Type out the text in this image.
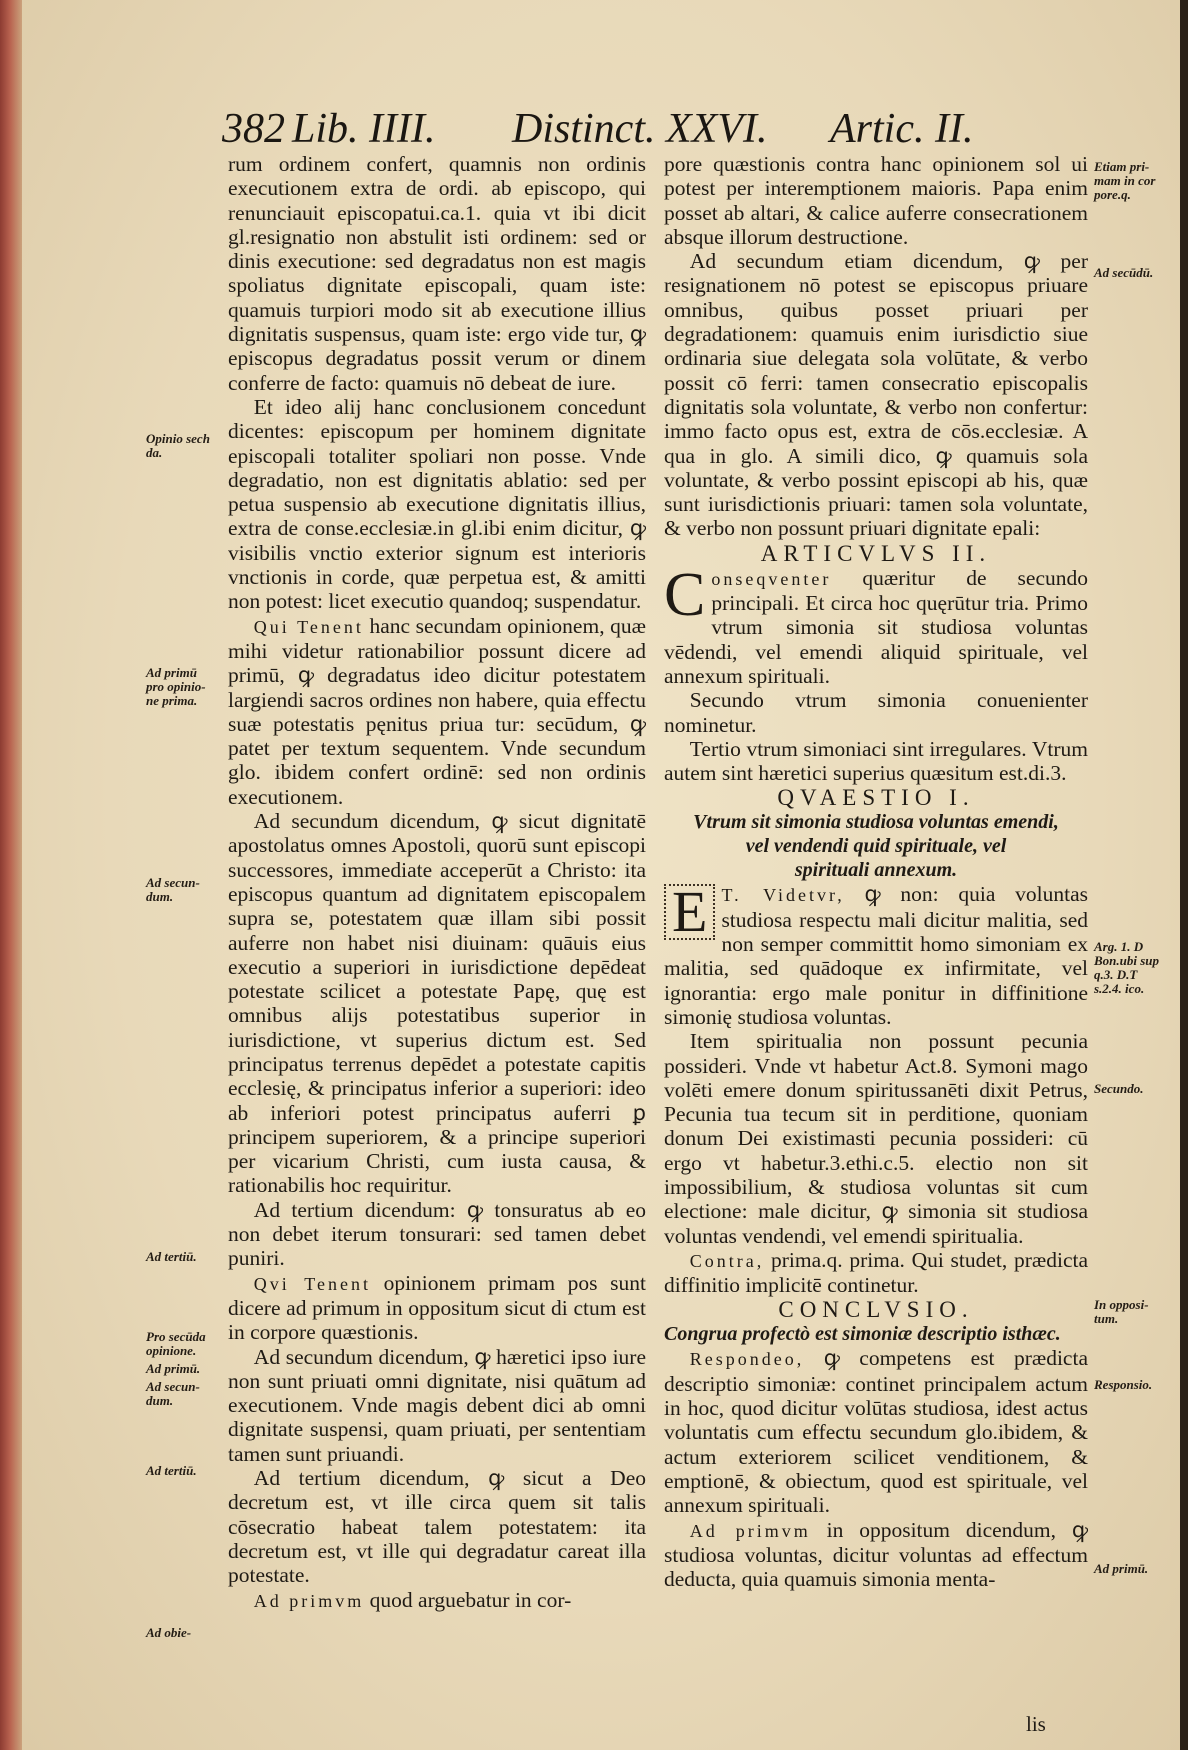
382 Lib. IIII. Distinct. XXVI. Artic. II.

rum ordinem confert, quamnis non ordinis executionem extra de ordi. ab episcopo, qui renunciauit episcopatui.ca.1. quia vt ibi dicit gl.resignatio non abstulit isti ordinem: sed or dinis executione: sed degradatus non est magis spoliatus dignitate episcopali, quam iste: quamuis turpiori modo sit ab executione illius dignitatis suspensus, quam iste: ergo vide tur, ꝙ episcopus degradatus possit verum or dinem conferre de facto: quamuis nō debeat de iure.

Et ideo alij hanc conclusionem concedunt dicentes: episcopum per hominem dignitate episcopali totaliter spoliari non posse. Vnde degradatio, non est dignitatis ablatio: sed per petua suspensio ab executione dignitatis illius, extra de conse.ecclesiæ.in gl.ibi enim dicitur, ꝙ visibilis vnctio exterior signum est interioris vnctionis in corde, quæ perpetua est, & amitti non potest: licet executio quandoq; suspendatur.

Qui Tenent hanc secundam opinionem, quæ mihi videtur rationabilior possunt dicere ad primū, ꝙ degradatus ideo dicitur potestatem largiendi sacros ordines non habere, quia effectu suæ potestatis pęnitus priua tur: secūdum, ꝙ patet per textum sequentem. Vnde secundum glo. ibidem confert ordinē: sed non ordinis executionem.

Ad secundum dicendum, ꝙ sicut dignitatē apostolatus omnes Apostoli, quorū sunt episcopi successores, immediate acceperūt a Christo: ita episcopus quantum ad dignitatem episcopalem supra se, potestatem quæ illam sibi possit auferre non habet nisi diuinam: quāuis eius executio a superiori in iurisdictione depēdeat potestate scilicet a potestate Papę, quę est omnibus alijs potestatibus superior in iurisdictione, vt superius dictum est. Sed principatus terrenus depēdet a potestate capitis ecclesię, & principatus inferior a superiori: ideo ab inferiori potest principatus auferri ꝑ principem superiorem, & a principe superiori per vicarium Christi, cum iusta causa, & rationabilis hoc requiritur.

Ad tertium dicendum: ꝙ tonsuratus ab eo non debet iterum tonsurari: sed tamen debet puniri.

Qvi Tenent opinionem primam pos sunt dicere ad primum in oppositum sicut di ctum est in corpore quæstionis.

Ad secundum dicendum, ꝙ hæretici ipso iure non sunt priuati omni dignitate, nisi quātum ad executionem. Vnde magis debent dici ab omni dignitate suspensi, quam priuati, per sententiam tamen sunt priuandi.

Ad tertium dicendum, ꝙ sicut a Deo decretum est, vt ille circa quem sit talis cōsecratio habeat talem potestatem: ita decretum est, vt ille qui degradatur careat illa potestate.

Ad primvm quod arguebatur in cor-

pore quæstionis contra hanc opinionem sol ui potest per interemptionem maioris. Papa enim posset ab altari, & calice auferre consecrationem absque illorum destructione.

Ad secundum etiam dicendum, ꝙ per resignationem nō potest se episcopus priuare omnibus, quibus posset priuari per degradationem: quamuis enim iurisdictio siue ordinaria siue delegata sola volūtate, & verbo possit cō ferri: tamen consecratio episcopalis dignitatis sola voluntate, & verbo non confertur: immo facto opus est, extra de cōs.ecclesiæ. A qua in glo. A simili dico, ꝙ quamuis sola voluntate, & verbo possint episcopi ab his, quæ sunt iurisdictionis priuari: tamen sola voluntate, & verbo non possunt priuari dignitate epali:

ARTICVLVS II.

Conseqventer quæritur de secundo principali. Et circa hoc quęrūtur tria. Primo vtrum simonia sit studiosa voluntas vēdendi, vel emendi aliquid spirituale, vel annexum spirituali.

Secundo vtrum simonia conuenienter nominetur.

Tertio vtrum simoniaci sint irregulares. Vtrum autem sint hæretici superius quæsitum est.di.3.

QVAESTIO I.
Vtrum sit simonia studiosa voluntas emendi,
vel vendendi quid spirituale, vel
spirituali annexum.

E T. Videtvr, ꝙ non: quia voluntas studiosa respectu mali dicitur malitia, sed non semper committit homo simoniam ex malitia, sed quādoque ex infirmitate, vel ignorantia: ergo male ponitur in diffinitione simonię studiosa voluntas.

Item spiritualia non possunt pecunia possideri. Vnde vt habetur Act.8. Symoni mago volēti emere donum spiritussanēti dixit Petrus, Pecunia tua tecum sit in perditione, quoniam donum Dei existimasti pecunia possideri: cū ergo vt habetur.3.ethi.c.5. electio non sit impossibilium, & studiosa voluntas sit cum electione: male dicitur, ꝙ simonia sit studiosa voluntas vendendi, vel emendi spiritualia.

Contra, prima.q. prima. Qui studet, prædicta diffinitio implicitē continetur.

CONCLVSIO.
Congrua profectò est simoniæ descriptio isthæc.

Respondeo, ꝙ competens est prædicta descriptio simoniæ: continet principalem actum in hoc, quod dicitur volūtas studiosa, idest actus voluntatis cum effectu secundum glo.ibidem, & actum exteriorem scilicet venditionem, & emptionē, & obiectum, quod est spirituale, vel annexum spirituali.

Ad primvm in oppositum dicendum, ꝙ studiosa voluntas, dicitur voluntas ad effectum deducta, quia quamuis simonia menta-

lis
Opinio sech da.
Ad primū pro opinio-ne prima.
Ad secun-dum.
Ad tertiū.
Pro secūda opinione.
Ad primū.
Ad secun-dum.
Ad tertiū.
Ad obie-
Etiam pri-mam in cor pore.q.
Ad secūdū.
Arg. 1. D Bon.ubi sup q.3. D.T s.2.4. ico.
Secundo.
In opposi-tum.
Responsio.
Ad primū.
